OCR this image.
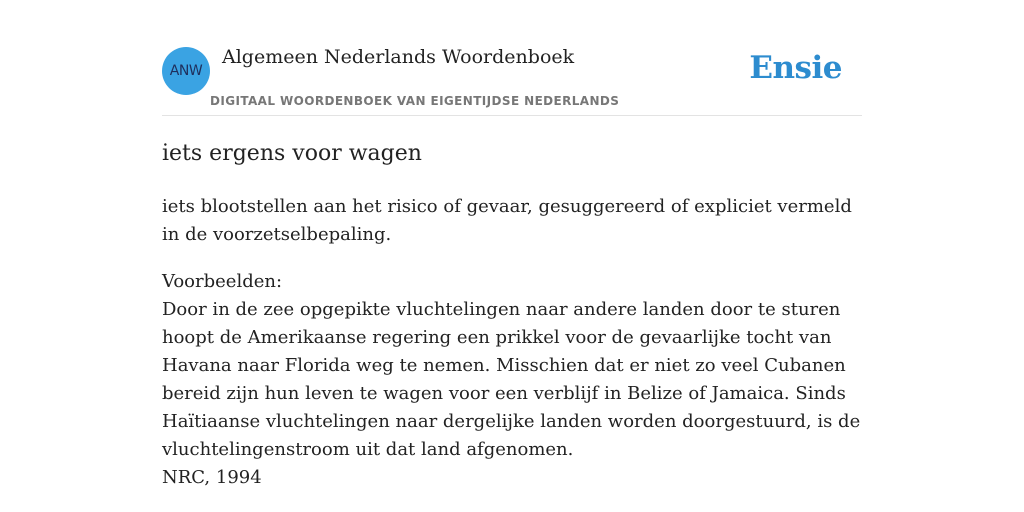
ANW
Algemeen Nederlands Woordenboek
DIGITAAL WOORDENBOEK VAN EIGENTIJDSE NEDERLANDS
Ensie
iets ergens voor wagen
iets blootstellen aan het risico of gevaar, gesuggereerd of expliciet vermeld in de voorzetselbepaling.
Voorbeelden:
Door in de zee opgepikte vluchtelingen naar andere landen door te sturen hoopt de Amerikaanse regering een prikkel voor de gevaarlijke tocht van Havana naar Florida weg te nemen. Misschien dat er niet zo veel Cubanen bereid zijn hun leven te wagen voor een verblijf in Belize of Jamaica. Sinds Haïtiaanse vluchtelingen naar dergelijke landen worden doorgestuurd, is de vluchtelingenstroom uit dat land afgenomen.
NRC, 1994
